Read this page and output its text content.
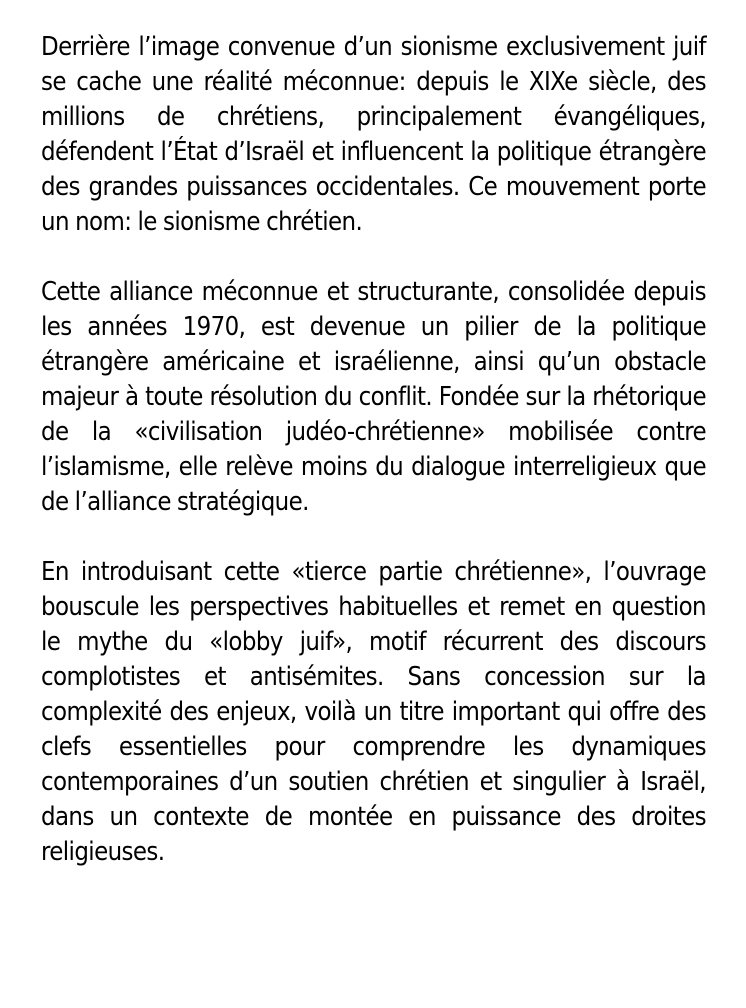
Derrière l’image convenue d’un sionisme exclusivement juif se cache une réalité méconnue: depuis le XIXe siècle, des millions de chrétiens, principalement évangéliques, défendent l’État d’Israël et influencent la politique étrangère des grandes puissances occidentales. Ce mouvement porte un nom: le sionisme chrétien.

Cette alliance méconnue et structurante, consolidée depuis les années 1970, est devenue un pilier de la politique étrangère américaine et israélienne, ainsi qu’un obstacle majeur à toute résolution du conflit. Fondée sur la rhétorique de la «civilisation judéo-chrétienne» mobilisée contre l’islamisme, elle relève moins du dialogue interreligieux que de l’alliance stratégique.

En introduisant cette «tierce partie chrétienne», l’ouvrage bouscule les perspectives habituelles et remet en question le mythe du «lobby juif», motif récurrent des discours complotistes et antisémites. Sans concession sur la complexité des enjeux, voilà un titre important qui offre des clefs essentielles pour comprendre les dynamiques contemporaines d’un soutien chrétien et singulier à Israël, dans un contexte de montée en puissance des droites religieuses.
